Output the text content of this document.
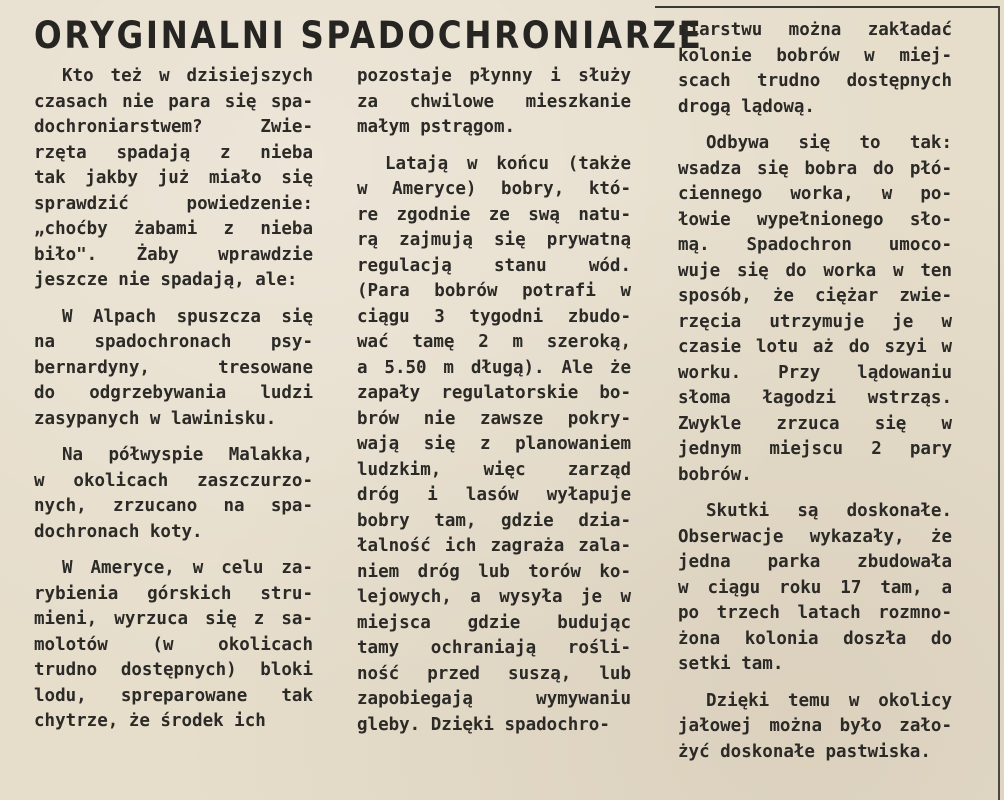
ORYGINALNI SPADOCHRONIARZE
Kto też w dzisiejszych
czasach nie para się spa-
dochroniarstwem? Zwie-
rzęta spadają z nieba
tak jakby już miało się
sprawdzić powiedzenie:
„choćby żabami z nieba
biło". Żaby wprawdzie
jeszcze nie spadają, ale:
W Alpach spuszcza się
na spadochronach psy-
bernardyny, tresowane
do odgrzebywania ludzi
zasypanych w lawinisku.
Na półwyspie Malakka,
w okolicach zaszczurzo-
nych, zrzucano na spa-
dochronach koty.
W Ameryce, w celu za-
rybienia górskich stru-
mieni, wyrzuca się z sa-
molotów (w okolicach
trudno dostępnych) bloki
lodu, spreparowane tak
chytrze, że środek ich
pozostaje płynny i służy
za chwilowe mieszkanie
małym pstrągom.
Latają w końcu (także
w Ameryce) bobry, któ-
re zgodnie ze swą natu-
rą zajmują się prywatną
regulacją stanu wód.
(Para bobrów potrafi w
ciągu 3 tygodni zbudo-
wać tamę 2 m szeroką,
a 5.50 m długą). Ale że
zapały regulatorskie bo-
brów nie zawsze pokry-
wają się z planowaniem
ludzkim, więc zarząd
dróg i lasów wyłapuje
bobry tam, gdzie dzia-
łalność ich zagraża zala-
niem dróg lub torów ko-
lejowych, a wysyła je w
miejsca gdzie budując
tamy ochraniają rośli-
ność przed suszą, lub
zapobiegają wymywaniu
gleby. Dzięki spadochro-
niarstwu można zakładać
kolonie bobrów w miej-
scach trudno dostępnych
drogą lądową.
Odbywa się to tak:
wsadza się bobra do płó-
ciennego worka, w po-
łowie wypełnionego sło-
mą. Spadochron umoco-
wuje się do worka w ten
sposób, że ciężar zwie-
rzęcia utrzymuje je w
czasie lotu aż do szyi w
worku. Przy lądowaniu
słoma łagodzi wstrząs.
Zwykle zrzuca się w
jednym miejscu 2 pary
bobrów.
Skutki są doskonałe.
Obserwacje wykazały, że
jedna parka zbudowała
w ciągu roku 17 tam, a
po trzech latach rozmno-
żona kolonia doszła do
setki tam.
Dzięki temu w okolicy
jałowej można było zało-
żyć doskonałe pastwiska.
